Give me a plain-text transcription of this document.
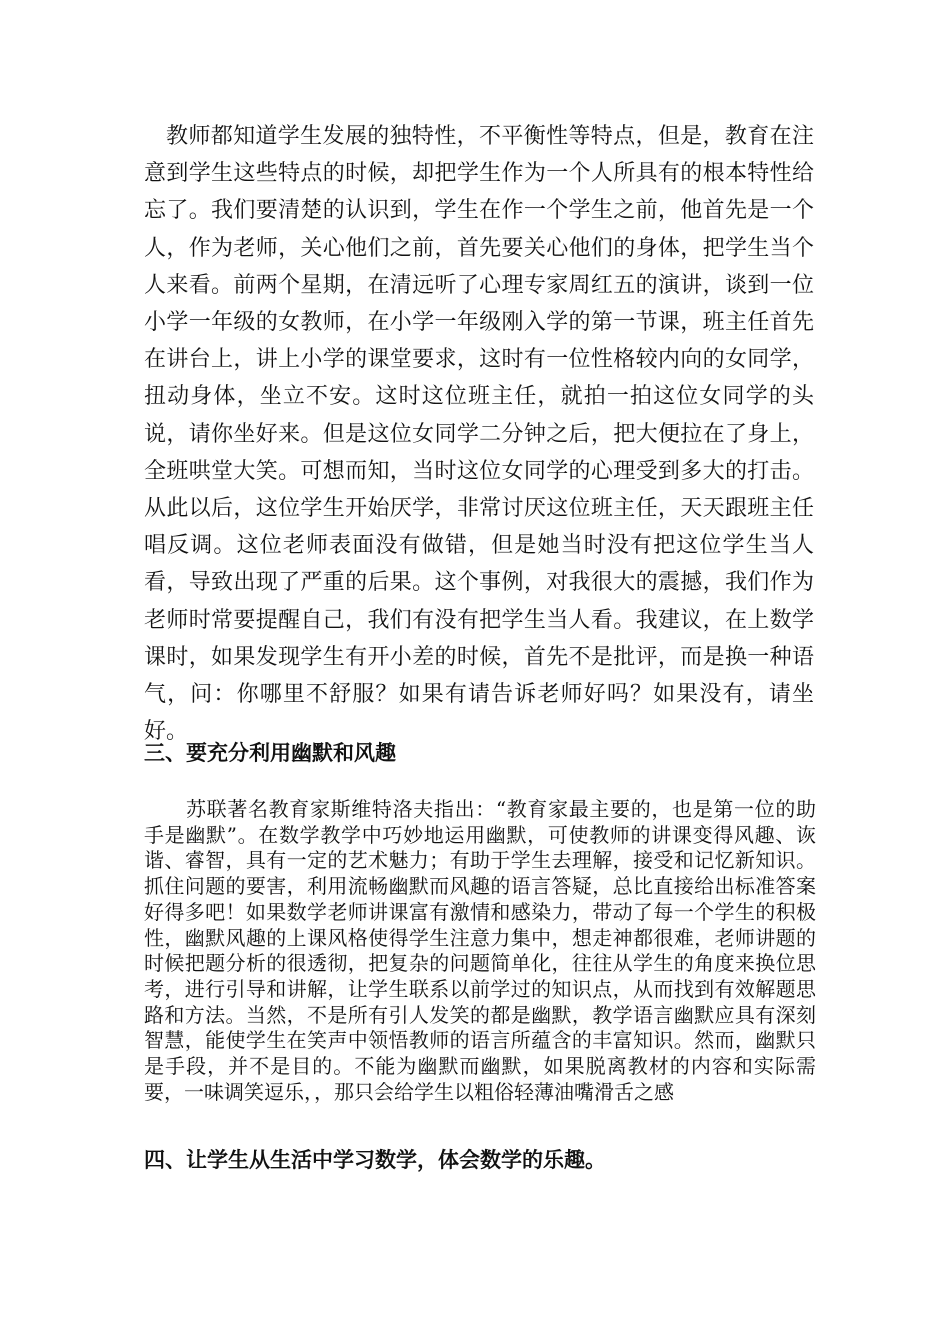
教师都知道学生发展的独特性，不平衡性等特点，但是，教育在注意到学生这些特点的时候，却把学生作为一个人所具有的根本特性给忘了。我们要清楚的认识到，学生在作一个学生之前，他首先是一个人，作为老师，关心他们之前，首先要关心他们的身体，把学生当个人来看。前两个星期，在清远听了心理专家周红五的演讲，谈到一位小学一年级的女教师，在小学一年级刚入学的第一节课，班主任首先在讲台上，讲上小学的课堂要求，这时有一位性格较内向的女同学，扭动身体，坐立不安。这时这位班主任，就拍一拍这位女同学的头说，请你坐好来。但是这位女同学二分钟之后，把大便拉在了身上，全班哄堂大笑。可想而知，当时这位女同学的心理受到多大的打击。从此以后，这位学生开始厌学，非常讨厌这位班主任，天天跟班主任唱反调。这位老师表面没有做错，但是她当时没有把这位学生当人看，导致出现了严重的后果。这个事例，对我很大的震撼，我们作为老师时常要提醒自己，我们有没有把学生当人看。我建议，在上数学课时，如果发现学生有开小差的时候，首先不是批评，而是换一种语气，问：你哪里不舒服？如果有请告诉老师好吗？如果没有，请坐好。

三、要充分利用幽默和风趣

苏联著名教育家斯维特洛夫指出：“教育家最主要的，也是第一位的助手是幽默”。在数学教学中巧妙地运用幽默，可使教师的讲课变得风趣、诙谐、睿智，具有一定的艺术魅力；有助于学生去理解，接受和记忆新知识。抓住问题的要害，利用流畅幽默而风趣的语言答疑，总比直接给出标准答案好得多吧！如果数学老师讲课富有激情和感染力，带动了每一个学生的积极性，幽默风趣的上课风格使得学生注意力集中，想走神都很难，老师讲题的时候把题分析的很透彻，把复杂的问题简单化，往往从学生的角度来换位思考，进行引导和讲解，让学生联系以前学过的知识点，从而找到有效解题思路和方法。当然，不是所有引人发笑的都是幽默，教学语言幽默应具有深刻智慧，能使学生在笑声中领悟教师的语言所蕴含的丰富知识。然而，幽默只是手段，并不是目的。不能为幽默而幽默，如果脱离教材的内容和实际需要，一味调笑逗乐，，那只会给学生以粗俗轻薄油嘴滑舌之感

四、让学生从生活中学习数学，体会数学的乐趣。
